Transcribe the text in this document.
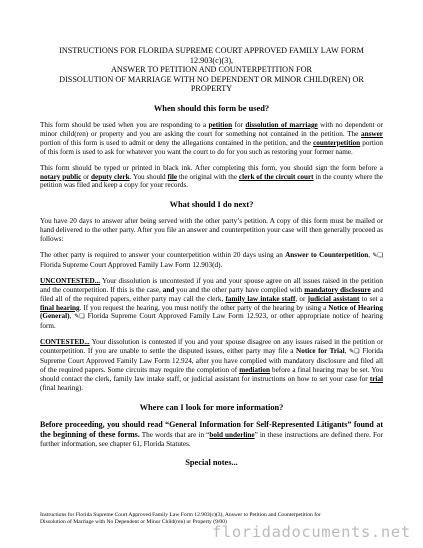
INSTRUCTIONS FOR FLORIDA SUPREME COURT APPROVED FAMILY LAW FORM
12.903(c)(3),
ANSWER TO PETITION AND COUNTERPETITION FOR
DISSOLUTION OF MARRIAGE WITH NO DEPENDENT OR MINOR CHILD(REN) OR
PROPERTY
When should this form be used?

This form should be used when you are responding to a petition for dissolution of marriage with no dependent or minor child(ren) or property and you are asking the court for something not contained in the petition. The answer portion of this form is used to admit or deny the allegations contained in the petition, and the counterpetition portion of this form is used to ask for whatever you want the court to do for you such as restoring your former name.

This form should be typed or printed in black ink. After completing this form, you should sign the form before a notary public or deputy clerk. You should file the original with the clerk of the circuit court in the county where the petition was filed and keep a copy for your records.

What should I do next?

You have 20 days to answer after being served with the other party’s petition. A copy of this form must be mailed or hand delivered to the other party. After you file an answer and counterpetition your case will then generally proceed as follows:

The other party is required to answer your counterpetition within 20 days using an Answer to Counterpetition, ✎❏ Florida Supreme Court Approved Family Law Form 12.903(d).

UNCONTESTED... Your dissolution is uncontested if you and your spouse agree on all issues raised in the petition and the counterpetition. If this is the case, and you and the other party have complied with mandatory disclosure and filed all of the required papers, either party may call the clerk, family law intake staff, or judicial assistant to set a final hearing. If you request the hearing, you must notify the other party of the hearing by using a Notice of Hearing (General), ✎❏ Florida Supreme Court Approved Family Law Form 12.923, or other appropriate notice of hearing form.

CONTESTED... Your dissolution is contested if you and your spouse disagree on any issues raised in the petition or counterpetition. If you are unable to settle the disputed issues, either party may file a Notice for Trial, ✎❏ Florida Supreme Court Approved Family Law Form 12.924, after you have complied with mandatory disclosure and filed all of the required papers. Some circuits may require the completion of mediation before a final hearing may be set. You should contact the clerk, family law intake staff, or judicial assistant for instructions on how to set your case for trial (final hearing).

Where can I look for more information?

Before proceeding, you should read “General Information for Self-Represented Litigants” found at the beginning of these forms. The words that are in “bold underline” in these instructions are defined there. For further information, see chapter 61, Florida Statutes.

Special notes...
Instructions for Florida Supreme Court Approved Family Law Form 12.903(c)(3), Answer to Petition and Counterpetition for
Dissolution of Marriage with No Dependent or Minor Child(ren) or Property (9/00)
floridadocuments.net
